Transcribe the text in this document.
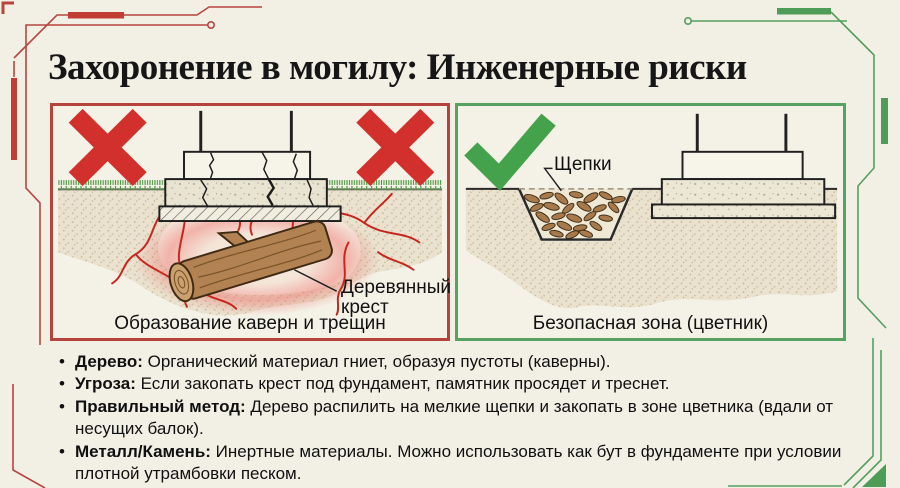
Захоронение в могилу: Инженерные риски
Деревянный
крест
Образование каверн и трещин
Щепки
Безопасная зона (цветник)
• Дерево: Органический материал гниет, образуя пустоты (каверны).
• Угроза: Если закопать крест под фундамент, памятник просядет и треснет.
• Правильный метод: Дерево распилить на мелкие щепки и закопать в зоне цветника (вдали от несущих балок).
• Металл/Камень: Инертные материалы. Можно использовать как бут в фундаменте при условии плотной утрамбовки песком.
